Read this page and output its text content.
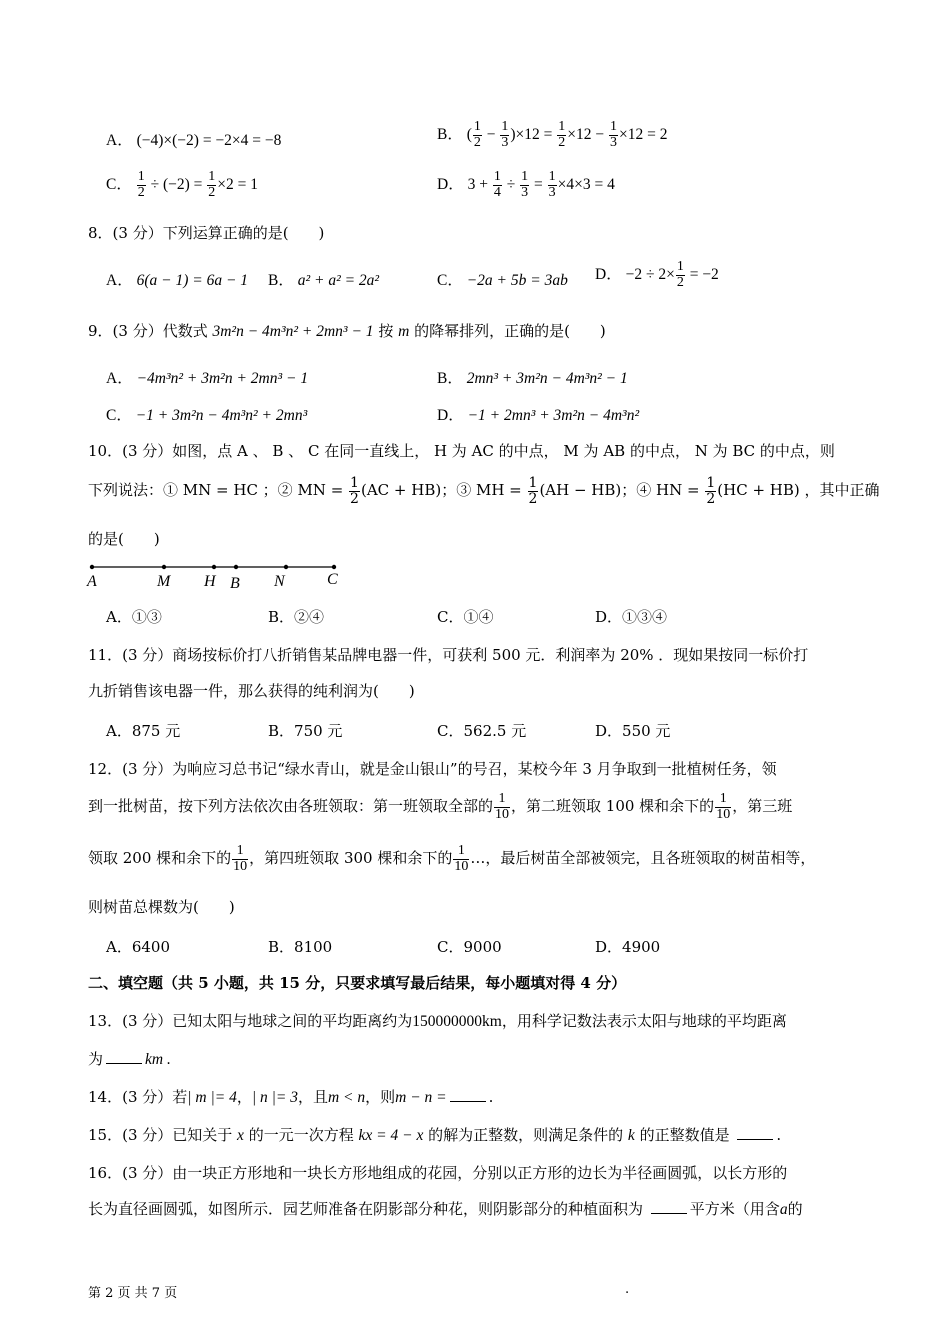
A． (−4)×(−2) = −2×4 = −8	B． ( $\frac{1}{2} - \frac{1}{3} )\times 12 = \frac{1}{2} \times 12 - \frac{1}{3} \times 12 = 2$
C． $\frac{1}{2} \div (-2) = \frac{1}{2} \times 2 = 1$	D． $3 + \frac{1}{4} \div \frac{1}{3} = \frac{1}{3} \times 4\times 3 = 4$
8．(3 分）下列运算正确的是(　　)
A． 6(a − 1) = 6a − 1 B． a² + a² = 2a²	C． −2a + 5b = 3ab D． $-2 \div 2\times \frac{1}{2} = -2$
9．(3 分）代数式 3m²n − 4m³n² + 2mn³ − 1 按 m 的降幂排列，正确的是(　　)
A． −4m³n² + 3m²n + 2mn³ − 1	B． 2mn³ + 3m²n − 4m³n² − 1
C． −1 + 3m²n − 4m³n² + 2mn³	D． −1 + 2mn³ + 3m²n − 4m³n²
10．(3 分）如图，点 A 、 B 、 C 在同一直线上， H 为 AC 的中点， M 为 AB 的中点， N 为 BC 的中点，则
下列说法：① MN = HC ；② MN = $\frac{1}{2} (AC + HB)$；③ MH = $\frac{1}{2} (AH - HB)$；④ HN = $\frac{1}{2} (HC + HB)$ ，其中正确
的是(　　)
A	M H B N	C
A．①③	B．②④	C．①④	D．①③④
11．(3 分）商场按标价打八折销售某品牌电器一件，可获利 500 元．利润率为 20% ．现如果按同一标价打
九折销售该电器一件，那么获得的纯利润为(　　)
A．875 元	B．750 元	C．562.5 元	D．550 元
12．(3 分）为响应习总书记“绿水青山，就是金山银山”的号召，某校今年 3 月争取到一批植树任务，领
到一批树苗，按下列方法依次由各班领取：第一班领取全部的 $\frac{1}{10}$ ，第二班领取 100 棵和余下的 $\frac{1}{10}$ ，第三班
领取 200 棵和余下的 $\frac{1}{10}$ ，第四班领取 300 棵和余下的 $\frac{1}{10}$ …，最后树苗全部被领完，且各班领取的树苗相等，
则树苗总棵数为(　　)
A．6400	B．8100	C．9000	D．4900
二、填空题（共 5 小题，共 15 分，只要求填写最后结果，每小题填对得 4 分）
13．(3 分）已知太阳与地球之间的平均距离约为150000000km，用科学记数法表示太阳与地球的平均距离
为	km .
14．(3 分）若| m |= 4，| n |= 3，且m < n，则m − n =	.
15．(3 分）已知关于 x 的一元一次方程 kx = 4 − x 的解为正整数，则满足条件的 k 的正整数值是	.
16．(3 分）由一块正方形地和一块长方形地组成的花园，分别以正方形的边长为半径画圆弧，以长方形的
长为直径画圆弧，如图所示．园艺师准备在阴影部分种花，则阴影部分的种植面积为	平方米（用含a的
第 2 页 共 7 页	.
